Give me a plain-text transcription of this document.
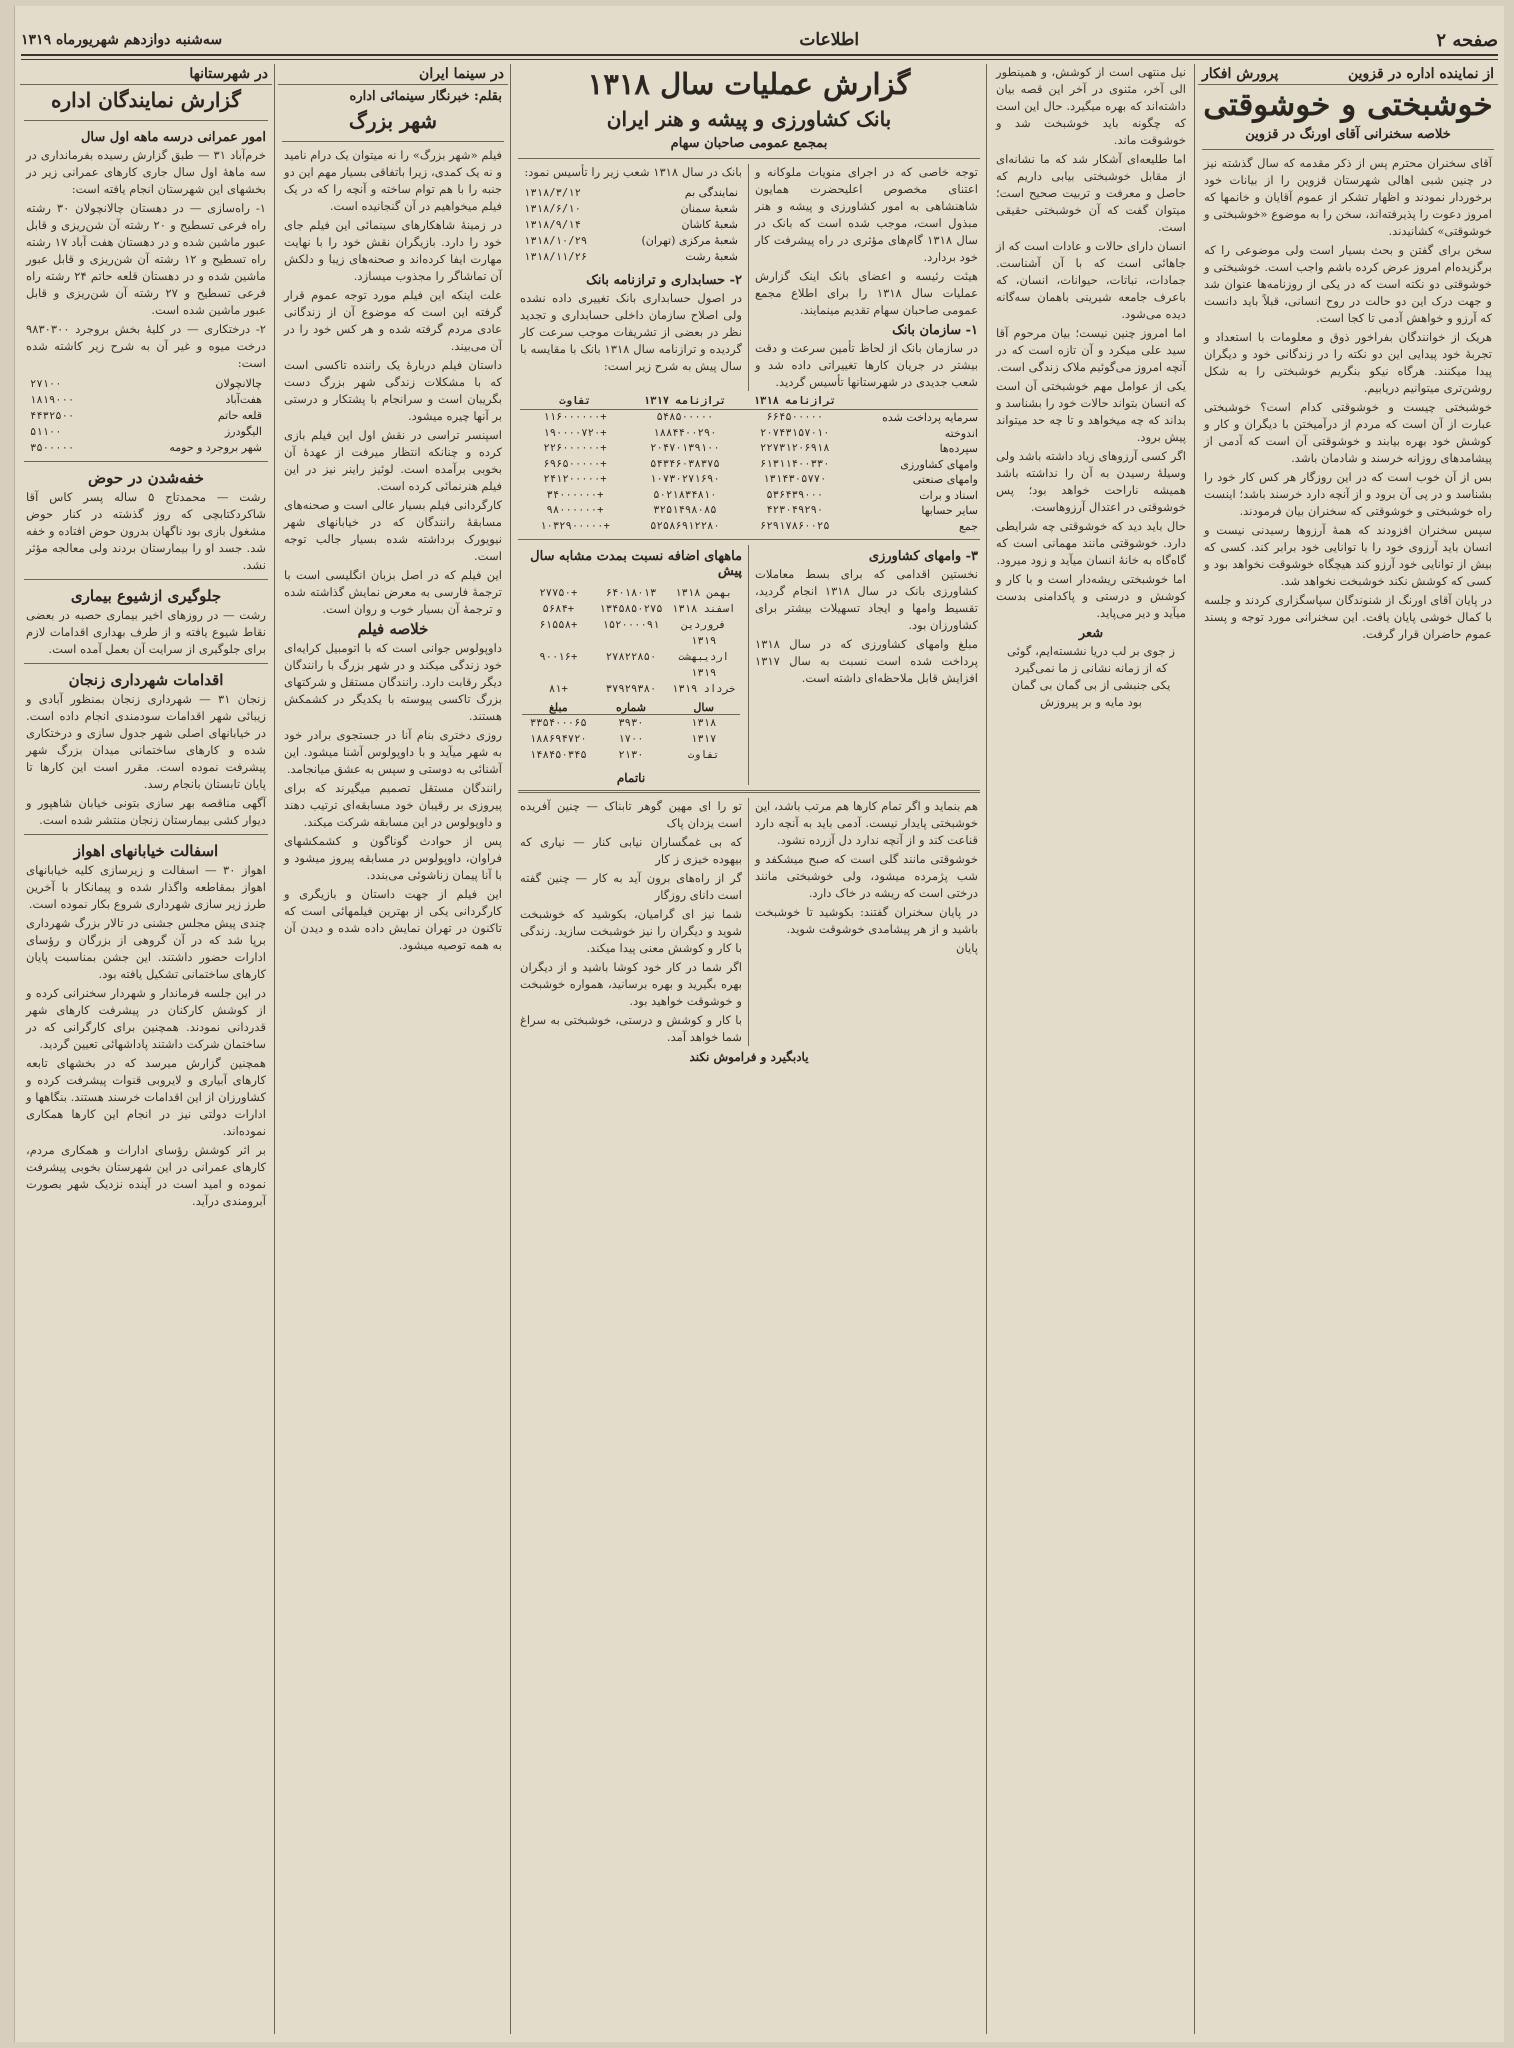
صفحه ۲
اطلاعات
سه‌شنبه دوازدهم شهریورماه ۱۳۱۹
از نماینده اداره در قزوین
پرورش افکار
خوشبختی و خوشوقتی
خلاصه سخنرانی آقای اورنگ در قزوین

آقای سخنران محترم پس از ذکر مقدمه که سال گذشته نیز در چنین شبی اهالی شهرستان قزوین را از بیانات خود برخوردار نمودند و اظهار تشکر از عموم آقایان و خانمها که امروز دعوت را پذیرفته‌اند، سخن را به موضوع «خوشبختی و خوشوقتی» کشانیدند.

سخن برای گفتن و بحث بسیار است ولی موضوعی را که برگزیده‌ام امروز عرض کرده باشم واجب است. خوشبختی و خوشوقتی دو نکته است که در یکی از روزنامه‌ها عنوان شد و جهت درک این دو حالت در روح انسانی، قبلاً باید دانست که آرزو و خواهش آدمی تا کجا است.

هریک از خوانندگان بفراخور ذوق و معلومات با استعداد و تجربهٔ خود پیدایی این دو نکته را در زندگانی خود و دیگران پیدا میکنند. هرگاه نیکو بنگریم خوشبختی را به شکل روشن‌تری میتوانیم دریابیم.

خوشبختی چیست و خوشوقتی کدام است؟ خوشبختی عبارت از آن است که مردم از درآمیختن با دیگران و کار و کوشش خود بهره بیابند و خوشوقتی آن است که آدمی از پیشامدهای روزانه خرسند و شادمان باشد.

بس از آن خوب است که در این روزگار هر کس کار خود را بشناسد و در پی آن برود و از آنچه دارد خرسند باشد؛ اینست راه خوشبختی و خوشوقتی که سخنران بیان فرمودند.

سپس سخنران افزودند که همهٔ آرزوها رسیدنی نیست و انسان باید آرزوی خود را با توانایی خود برابر کند. کسی که بیش از توانایی خود آرزو کند هیچگاه خوشوقت نخواهد بود و کسی که کوشش نکند خوشبخت نخواهد شد.

در پایان آقای اورنگ از شنوندگان سپاسگزاری کردند و جلسه با کمال خوشی پایان یافت. این سخنرانی مورد توجه و پسند عموم حاضران قرار گرفت.

نیل منتهی است از کوشش، و همینطور الی آخر، مثنوی در آخر این قصه بیان داشته‌اند که بهره میگیرد. حال این است که چگونه باید خوشبخت شد و خوشوقت ماند.

اما طلیعه‌ای آشکار شد که ما نشانه‌ای از مقابل خوشبختی بیابی داریم که حاصل و معرفت و تربیت صحیح است؛ میتوان گفت که آن خوشبختی حقیقی است.

انسان دارای حالات و عادات است که از جاهائی است که با آن آشناست. جمادات، نباتات، حیوانات، انسان، که باعرف جامعه شیرینی باهمان سه‌گانه دیده می‌شود.

اما امروز چنین نیست؛ بیان مرحوم آقا سید علی میکرد و آن تازه است که در آنچه امروز می‌گوئیم ملاک زندگی است.

یکی از عوامل مهم خوشبختی آن است که انسان بتواند حالات خود را بشناسد و بداند که چه میخواهد و تا چه حد میتواند پیش برود.

اگر کسی آرزوهای زیاد داشته باشد ولی وسیلهٔ رسیدن به آن را نداشته باشد همیشه ناراحت خواهد بود؛ پس خوشوقتی در اعتدال آرزوهاست.

حال باید دید که خوشوقتی چه شرایطی دارد. خوشوقتی مانند مهمانی است که گاه‌گاه به خانهٔ انسان میآید و زود میرود.

اما خوشبختی ریشه‌دار است و با کار و کوشش و درستی و پاکدامنی بدست میآید و دیر می‌پاید.

شعر
ز جوی بر لب دریا نشسته‌ایم، گوئی
که از زمانه نشانی ز ما نمی‌گیرد
یکی جنبشی از بی گمان بی گمان
بود مایه و بر پیروزش
گزارش عملیات سال ۱۳۱۸
بانک کشاورزی و پیشه و هنر ایران
بمجمع عمومی صاحبان سهام

توجه خاصی که در اجرای منویات ملوکانه و اعتنای مخصوص اعلیحضرت همایون شاهنشاهی به امور کشاورزی و پیشه و هنر مبذول است، موجب شده است که بانک در سال ۱۳۱۸ گام‌های مؤثری در راه پیشرفت کار خود بردارد.

هیئت رئیسه و اعضای بانک اینک گزارش عملیات سال ۱۳۱۸ را برای اطلاع مجمع عمومی صاحبان سهام تقدیم مینمایند.

۱- سازمان بانک

در سازمان بانک از لحاظ تأمین سرعت و دقت بیشتر در جریان کارها تغییراتی داده شد و شعب جدیدی در شهرستانها تأسیس گردید.

بانک در سال ۱۳۱۸ شعب زیر را تأسیس نمود:

نمایندگی بم
۱۳۱۸/۳/۱۲
شعبهٔ سمنان
۱۳۱۸/۶/۱۰
شعبهٔ کاشان
۱۳۱۸/۹/۱۴
شعبهٔ مرکزی (تهران)
۱۳۱۸/۱۰/۲۹
شعبهٔ رشت
۱۳۱۸/۱۱/۲۶
۲- حسابداری و ترازنامه بانک

در اصول حسابداری بانک تغییری داده نشده ولی اصلاح سازمان داخلی حسابداری و تجدید نظر در بعضی از تشریفات موجب سرعت کار گردیده و ترازنامه سال ۱۳۱۸ بانک با مقایسه با سال پیش به شرح زیر است:

ترازنامه ۱۳۱۸
ترازنامه ۱۳۱۷
تفاوت
سرمایه پرداخت شده
۶۶۴۵۰۰۰۰۰
۵۴۸۵۰۰۰۰۰
+۱۱۶۰۰۰۰۰۰
اندوخته
۲۰۷۴۳۱۵۷۰۱۰
۱۸۸۴۴۰۰۲۹۰
+۱۹۰۰۰۰۷۲۰
سپرده‌ها
۲۲۷۳۱۲۰۶۹۱۸
۲۰۴۷۰۱۳۹۱۰۰
+۲۲۶۰۰۰۰۰۰
وامهای کشاورزی
۶۱۳۱۱۴۰۰۳۳۰
۵۴۳۴۶۰۳۸۳۷۵
+۶۹۶۵۰۰۰۰۰
وامهای صنعتی
۱۳۱۴۳۰۵۷۷۰
۱۰۷۳۰۲۷۱۶۹۰
+۲۴۱۲۰۰۰۰۰
اسناد و برات
۵۳۶۴۳۹۰۰۰
۵۰۲۱۸۳۴۸۱۰
+۳۴۰۰۰۰۰۰
سایر حسابها
۴۲۳۰۴۹۲۹۰
۳۲۵۱۴۹۸۰۸۵
+۹۸۰۰۰۰۰۰
جمع
۶۲۹۱۷۸۶۰۰۲۵
۵۲۵۸۶۹۱۲۲۸۰
+۱۰۳۲۹۰۰۰۰۰
۳- وامهای کشاورزی

نخستین اقدامی که برای بسط معاملات کشاورزی بانک در سال ۱۳۱۸ انجام گردید، تقسیط وامها و ایجاد تسهیلات بیشتر برای کشاورزان بود.

مبلغ وامهای کشاورزی که در سال ۱۳۱۸ پرداخت شده است نسبت به سال ۱۳۱۷ افزایش قابل ملاحظه‌ای داشته است.

ماههای اضافه نسبت بمدت مشابه سال پیش
بهمن ۱۳۱۸
۶۴۰۱۸۰۱۳
+۲۷۷۵۰
اسفند ۱۳۱۸
۱۳۴۵۸۵۰۲۷۵
+۵۶۸۴
فروردین ۱۳۱۹
۱۵۲۰۰۰۰۹۱
+۶۱۵۵۸
اردیبهشت ۱۳۱۹
۲۷۸۲۲۸۵۰
+۹۰۰۱۶
خرداد ۱۳۱۹
۳۷۹۲۹۳۸۰
+۸۱
سال
شماره
مبلغ
۱۳۱۸
۳۹۳۰
۳۳۵۴۰۰۰۶۵
۱۳۱۷
۱۷۰۰
۱۸۸۶۹۴۷۲۰
تفاوت
۲۱۳۰
۱۴۸۴۵۰۳۴۵
ناتمام

هم بنماید و اگر تمام کارها هم مرتب باشد، این خوشبختی پایدار نیست. آدمی باید به آنچه دارد قناعت کند و از آنچه ندارد دل آزرده نشود.

خوشوقتی مانند گلی است که صبح میشکفد و شب پژمرده میشود، ولی خوشبختی مانند درختی است که ریشه در خاک دارد.

در پایان سخنران گفتند: بکوشید تا خوشبخت باشید و از هر پیشامدی خوشوقت شوید.

پایان

تو را ای مهین گوهر تابناک — چنین آفریده است یزدان پاک

که بی غمگساران نیابی کنار — نیاری که بیهوده خیزی ز کار

گر از راه‌های برون آید به کار — چنین گفته است دانای روزگار

شما نیز ای گرامیان، بکوشید که خوشبخت شوید و دیگران را نیز خوشبخت سازید. زندگی با کار و کوشش معنی پیدا میکند.

اگر شما در کار خود کوشا باشید و از دیگران بهره بگیرید و بهره برسانید، همواره خوشبخت و خوشوقت خواهید بود.

با کار و کوشش و درستی، خوشبختی به سراغ شما خواهد آمد.

یادبگیرد و فراموش نکند
در سینما ایران
بقلم: خبرنگار سینمائی اداره
شهر بزرگ

فیلم «شهر بزرگ» را نه میتوان یک درام نامید و نه یک کمدی، زیرا باتفاقی بسیار مهم این دو جنبه را با هم توام ساخته و آنچه را که در یک فیلم میخواهیم در آن گنجانیده است.

در زمینهٔ شاهکارهای سینمائی این فیلم جای خود را دارد. بازیگران نقش خود را با نهایت مهارت ایفا کرده‌اند و صحنه‌های زیبا و دلکش آن تماشاگر را مجذوب میسازد.

علت اینکه این فیلم مورد توجه عموم قرار گرفته این است که موضوع آن از زندگانی عادی مردم گرفته شده و هر کس خود را در آن می‌بیند.

داستان فیلم دربارهٔ یک راننده تاکسی است که با مشکلات زندگی شهر بزرگ دست بگریبان است و سرانجام با پشتکار و درستی بر آنها چیره میشود.

اسپنسر تراسی در نقش اول این فیلم بازی کرده و چنانکه انتظار میرفت از عهدهٔ آن بخوبی برآمده است. لوئیز راینر نیز در این فیلم هنرنمائی کرده است.

کارگردانی فیلم بسیار عالی است و صحنه‌های مسابقهٔ رانندگان که در خیابانهای شهر نیویورک برداشته شده بسیار جالب توجه است.

این فیلم که در اصل بزبان انگلیسی است با ترجمهٔ فارسی به معرض نمایش گذاشته شده و ترجمهٔ آن بسیار خوب و روان است.

خلاصه فیلم

داوپولوس جوانی است که با اتومبیل کرایه‌ای خود زندگی میکند و در شهر بزرگ با رانندگان دیگر رقابت دارد. رانندگان مستقل و شرکتهای بزرگ تاکسی پیوسته با یکدیگر در کشمکش هستند.

روزی دختری بنام آنا در جستجوی برادر خود به شهر میآید و با داوپولوس آشنا میشود. این آشنائی به دوستی و سپس به عشق میانجامد.

رانندگان مستقل تصمیم میگیرند که برای پیروزی بر رقیبان خود مسابقه‌ای ترتیب دهند و داوپولوس در این مسابقه شرکت میکند.

پس از حوادث گوناگون و کشمکشهای فراوان، داوپولوس در مسابقه پیروز میشود و با آنا پیمان زناشوئی می‌بندد.

این فیلم از جهت داستان و بازیگری و کارگردانی یکی از بهترین فیلمهائی است که تاکنون در تهران نمایش داده شده و دیدن آن به همه توصیه میشود.

در شهرستانها
گزارش نمایندگان اداره
امور عمرانی درسه ماهه اول سال

خرم‌آباد ۳۱ — طبق گزارش رسیده بفرمانداری در سه ماههٔ اول سال جاری کارهای عمرانی زیر در بخشهای این شهرستان انجام یافته است:

۱- راه‌سازی — در دهستان چالانچولان ۳۰ رشته راه فرعی تسطیح و ۲۰ رشته آن شن‌ریزی و قابل عبور ماشین شده و در دهستان هفت آباد ۱۷ رشته راه تسطیح و ۱۲ رشته آن شن‌ریزی و قابل عبور ماشین شده و در دهستان قلعه حاتم ۲۴ رشته راه فرعی تسطیح و ۲۷ رشته آن شن‌ریزی و قابل عبور ماشین شده است.

۲- درختکاری — در کلیهٔ بخش بروجرد ۹۸۳۰۳۰۰ درخت میوه و غیر آن به شرح زیر کاشته شده است:

چالانچولان
۲۷۱۰۰
هفت‌آباد
۱۸۱۹۰۰۰
قلعه حاتم
۴۴۳۲۵۰۰
الیگودرز
۵۱۱۰۰
شهر بروجرد و حومه
۳۵۰۰۰۰۰
خفه‌شدن در حوض

رشت — محمدتاج ۵ ساله پسر کاس آقا شاکردکتابچی که روز گذشته در کنار حوض مشغول بازی بود ناگهان بدرون حوض افتاده و خفه شد. جسد او را بیمارستان بردند ولی معالجه مؤثر نشد.

جلوگیری ازشیوع بیماری

رشت — در روزهای اخیر بیماری حصبه در بعضی نقاط شیوع یافته و از طرف بهداری اقدامات لازم برای جلوگیری از سرایت آن بعمل آمده است.

اقدامات شهرداری زنجان

زنجان ۳۱ — شهرداری زنجان بمنظور آبادی و زیبائی شهر اقدامات سودمندی انجام داده است. در خیابانهای اصلی شهر جدول سازی و درختکاری شده و کارهای ساختمانی میدان بزرگ شهر پیشرفت نموده است. مقرر است این کارها تا پایان تابستان بانجام رسد.

آگهی مناقصه بهر سازی بتونی خیابان شاهپور و دیوار کشی بیمارستان زنجان منتشر شده است.

اسفالت خیابانهای اهواز

اهواز ۳۰ — اسفالت و زیرسازی کلیه خیابانهای اهواز بمقاطعه واگذار شده و پیمانکار با آخرین طرز زیر سازی شهرداری شروع بکار نموده است.

چندی پیش مجلس جشنی در تالار بزرگ شهرداری برپا شد که در آن گروهی از بزرگان و رؤسای ادارات حضور داشتند. این جشن بمناسبت پایان کارهای ساختمانی تشکیل یافته بود.

در این جلسه فرماندار و شهردار سخنرانی کرده و از کوشش کارکنان در پیشرفت کارهای شهر قدردانی نمودند. همچنین برای کارگرانی که در ساختمان شرکت داشتند پاداشهائی تعیین گردید.

همچنین گزارش میرسد که در بخشهای تابعه کارهای آبیاری و لایروبی قنوات پیشرفت کرده و کشاورزان از این اقدامات خرسند هستند. بنگاهها و ادارات دولتی نیز در انجام این کارها همکاری نموده‌اند.

بر اثر کوشش رؤسای ادارات و همکاری مردم، کارهای عمرانی در این شهرستان بخوبی پیشرفت نموده و امید است در آینده نزدیک شهر بصورت آبرومندی درآید.
